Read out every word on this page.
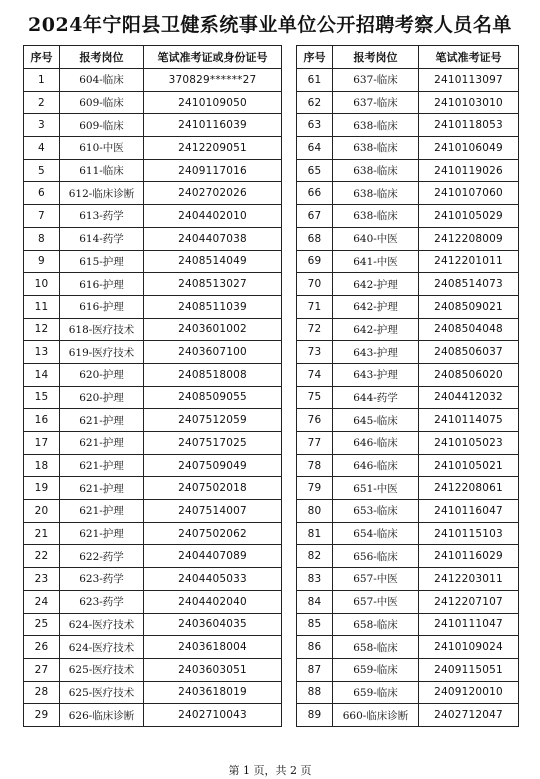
2024年宁阳县卫健系统事业单位公开招聘考察人员名单
序号	报考岗位	笔试准考证或身份证号
1	604-临床	370829******27
2	609-临床	2410109050
3	609-临床	2410116039
4	610-中医	2412209051
5	611-临床	2409117016
6	612-临床诊断	2402702026
7	613-药学	2404402010
8	614-药学	2404407038
9	615-护理	2408514049
10	616-护理	2408513027
11	616-护理	2408511039
12	618-医疗技术	2403601002
13	619-医疗技术	2403607100
14	620-护理	2408518008
15	620-护理	2408509055
16	621-护理	2407512059
17	621-护理	2407517025
18	621-护理	2407509049
19	621-护理	2407502018
20	621-护理	2407514007
21	621-护理	2407502062
22	622-药学	2404407089
23	623-药学	2404405033
24	623-药学	2404402040
25	624-医疗技术	2403604035
26	624-医疗技术	2403618004
27	625-医疗技术	2403603051
28	625-医疗技术	2403618019
29	626-临床诊断	2402710043
序号	报考岗位	笔试准考证号
61	637-临床	2410113097
62	637-临床	2410103010
63	638-临床	2410118053
64	638-临床	2410106049
65	638-临床	2410119026
66	638-临床	2410107060
67	638-临床	2410105029
68	640-中医	2412208009
69	641-中医	2412201011
70	642-护理	2408514073
71	642-护理	2408509021
72	642-护理	2408504048
73	643-护理	2408506037
74	643-护理	2408506020
75	644-药学	2404412032
76	645-临床	2410114075
77	646-临床	2410105023
78	646-临床	2410105021
79	651-中医	2412208061
80	653-临床	2410116047
81	654-临床	2410115103
82	656-临床	2410116029
83	657-中医	2412203011
84	657-中医	2412207107
85	658-临床	2410111047
86	658-临床	2410109024
87	659-临床	2409115051
88	659-临床	2409120010
89	660-临床诊断	2402712047
第 1 页，共 2 页
